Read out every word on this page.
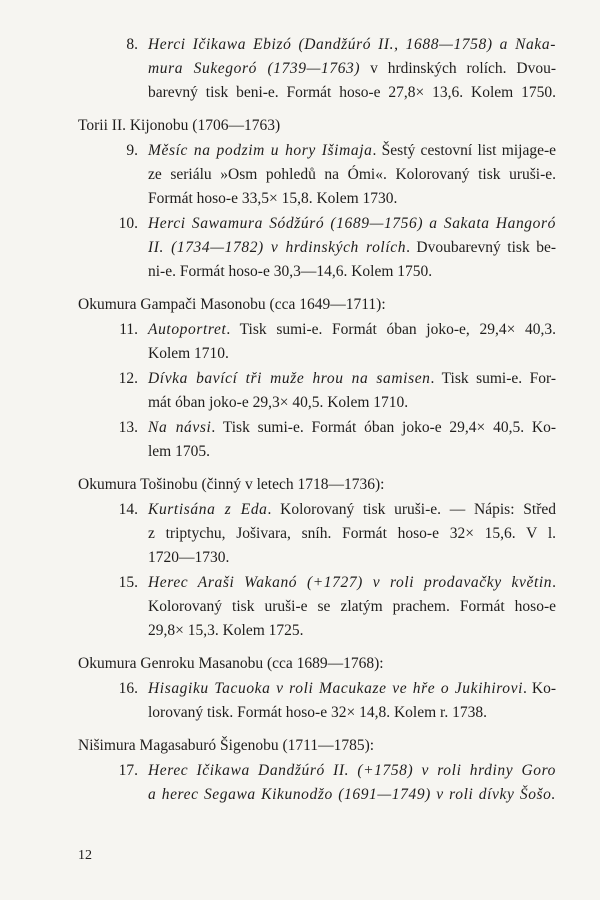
8. Herci Ičikawa Ebizó (Dandžúró II., 1688—1758) a Naka-
mura Sukegoró (1739—1763) v hrdinských rolích. Dvou-
barevný tisk beni-e. Formát hoso-e 27,8× 13,6. Kolem 1750.
Torii II. Kijonobu (1706—1763)
9. Měsíc na podzim u hory Išimaja. Šestý cestovní list mijage-e
ze seriálu »Osm pohledů na Ómi«. Kolorovaný tisk uruši-e.
Formát hoso-e 33,5× 15,8. Kolem 1730.
10. Herci Sawamura Sódžúró (1689—1756) a Sakata Hangoró
II. (1734—1782) v hrdinských rolích. Dvoubarevný tisk be-
ni-e. Formát hoso-e 30,3—14,6. Kolem 1750.
Okumura Gampači Masonobu (cca 1649—1711):
11. Autoportret. Tisk sumi-e. Formát óban joko-e, 29,4× 40,3.
Kolem 1710.
12. Dívka bavící tři muže hrou na samisen. Tisk sumi-e. For-
mát óban joko-e 29,3× 40,5. Kolem 1710.
13. Na návsi. Tisk sumi-e. Formát óban joko-e 29,4× 40,5. Ko-
lem 1705.
Okumura Tošinobu (činný v letech 1718—1736):
14. Kurtisána z Eda. Kolorovaný tisk uruši-e. — Nápis: Střed
z triptychu, Jošivara, sníh. Formát hoso-e 32× 15,6. V l.
1720—1730.
15. Herec Araši Wakanó (+1727) v roli prodavačky květin.
Kolorovaný tisk uruši-e se zlatým prachem. Formát hoso-e
29,8× 15,3. Kolem 1725.
Okumura Genroku Masanobu (cca 1689—1768):
16. Hisagiku Tacuoka v roli Macukaze ve hře o Jukihirovi. Ko-
lorovaný tisk. Formát hoso-e 32× 14,8. Kolem r. 1738.
Nišimura Magasaburó Šigenobu (1711—1785):
17. Herec Ičikawa Dandžúró II. (+1758) v roli hrdiny Goro
a herec Segawa Kikunodžo (1691—1749) v roli dívky Šošo.
12
